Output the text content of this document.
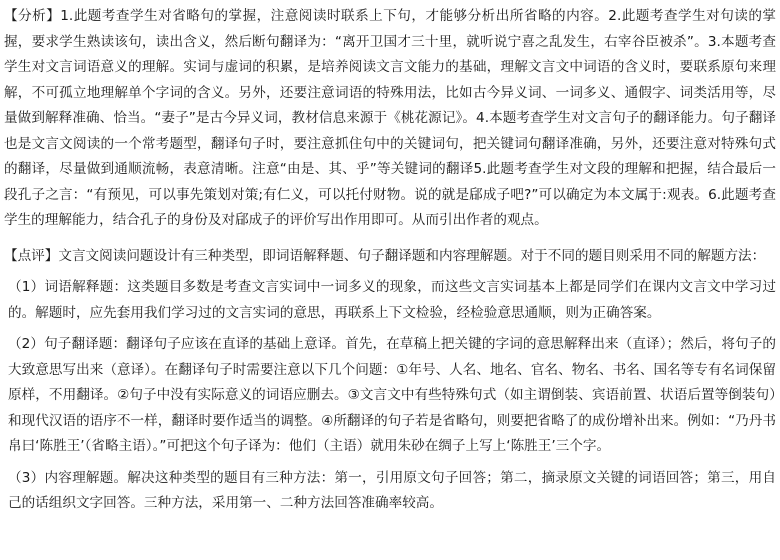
【分析】1.此题考查学生对省略句的掌握，注意阅读时联系上下句，才能够分析出所省略的内容。2.此题考查学生对句读的掌握，要求学生熟读该句，读出含义，然后断句翻译为：“离开卫国才三十里，就听说宁喜之乱发生，右宰谷臣被杀”。3.本题考查学生对文言词语意义的理解。实词与虚词的积累，是培养阅读文言文能力的基础，理解文言文中词语的含义时，要联系原句来理解，不可孤立地理解单个字词的含义。另外，还要注意词语的特殊用法，比如古今异义词、一词多义、通假字、词类活用等，尽量做到解释准确、恰当。“妻子”是古今异义词，教材信息来源于《桃花源记》。4.本题考查学生对文言句子的翻译能力。句子翻译也是文言文阅读的一个常考题型，翻译句子时，要注意抓住句中的关键词句，把关键词句翻译准确，另外，还要注意对特殊句式的翻译，尽量做到通顺流畅，表意清晰。注意“由是、其、乎”等关键词的翻译5.此题考查学生对文段的理解和把握，结合最后一段孔子之言：“有预见，可以事先策划对策;有仁义，可以托付财物。说的就是郈成子吧?”可以确定为本文属于:观表。6.此题考查学生的理解能力，结合孔子的身份及对郈成子的评价写出作用即可。从而引出作者的观点。

【点评】文言文阅读问题设计有三种类型，即词语解释题、句子翻译题和内容理解题。对于不同的题目则采用不同的解题方法：

（1）词语解释题：这类题目多数是考查文言实词中一词多义的现象，而这些文言实词基本上都是同学们在课内文言文中学习过的。解题时，应先套用我们学习过的文言实词的意思，再联系上下文检验，经检验意思通顺，则为正确答案。

（2）句子翻译题：翻译句子应该在直译的基础上意译。首先，在草稿上把关键的字词的意思解释出来（直译）；然后，将句子的大致意思写出来（意译）。在翻译句子时需要注意以下几个问题：①年号、人名、地名、官名、物名、书名、国名等专有名词保留原样，不用翻译。②句子中没有实际意义的词语应删去。③文言文中有些特殊句式（如主谓倒装、宾语前置、状语后置等倒装句）和现代汉语的语序不一样，翻译时要作适当的调整。④所翻译的句子若是省略句，则要把省略了的成份增补出来。例如：“乃丹书帛曰‘陈胜王’（省略主语）。”可把这个句子译为：他们（主语）就用朱砂在绸子上写上‘陈胜王’三个字。

（3）内容理解题。解决这种类型的题目有三种方法：第一，引用原文句子回答；第二，摘录原文关键的词语回答；第三，用自己的话组织文字回答。三种方法，采用第一、二种方法回答准确率较高。
